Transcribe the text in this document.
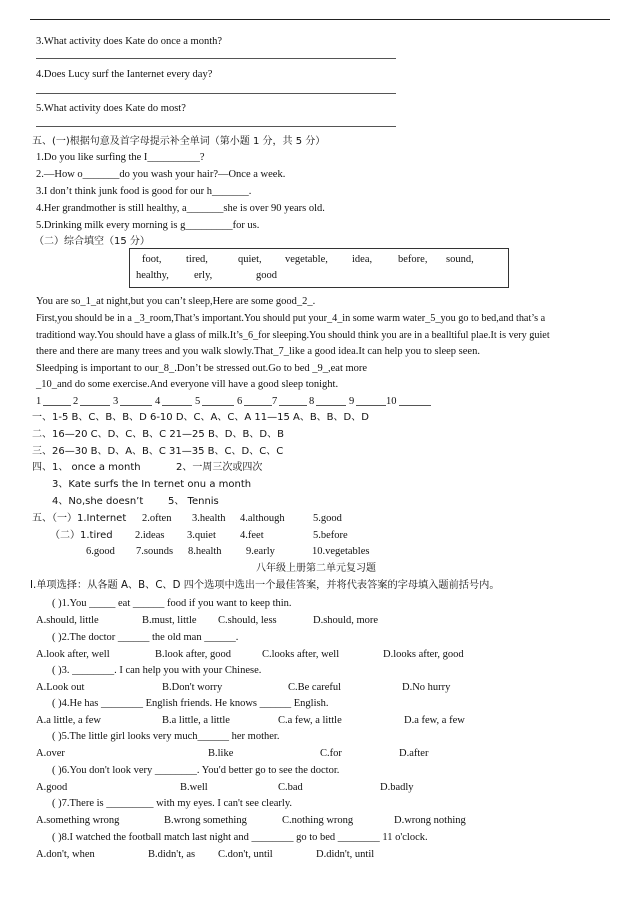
3.What activity does Kate do once a month?
4.Does Lucy surf the Ianternet every day?
5.What activity does Kate do most?
五、(一)根据句意及首字母提示补全单词（第小题 1 分，共 5 分）
1.Do you like surfing the I__________?
2.—How o_______do you wash your hair?—Once a week.
3.I don’t think junk food is good for our h_______.
4.Her grandmother is still healthy, a_______she is over 90 years old.
5.Drinking milk every morning is g_________for us.
（二）综合填空（15 分）
foot, tired,	quiet, vegetable, idea, before, sound,
healthy, erly,	good
You are so_1_at night,but you can’t sleep,Here are some good_2_.
First,you should be in a _3_room,That’s important.You should put your_4_in some warm water_5_you go to bed,and that’s a
traditiond way.You should have a glass of milk.It’s_6_for sleeping.You should think you are in a bealltiful plae.It is very guiet
there and there are many trees and you walk slowly.That_7_like a good idea.It can help you to sleep seen.
Sleedping is important to our_8_.Don’t be stressed out.Go to bed _9_,eat more
_10_and do some exercise.And everyone vill have a good sleep tonight.
1	2	3	4	5	6	7	8	9	10
一、1-5 B、C、B、B、D 6-10 D、C、A、C、A 11—15 A、B、B、D、D
二、16—20 C、D、C、B、C 21—25 B、D、B、D、B
三、26—30 B、D、A、B、C 31—35 B、C、D、C、C
四、1、 once a month	2、一周三次或四次
3、Kate surfs the In ternet onu a month
4、No,she doesn’t 5、 Tennis
五、（一）1.Internet 2.often 3.health 4.although	5.good
（二）1.tired 2.ideas 3.quiet 4.feet	5.before
6.good 7.sounds 8.health 9.early	10.vegetables
八年级上册第二单元复习题
Ⅰ.单项选择：从各题 A、B、C、D 四个选项中选出一个最佳答案，并将代表答案的字母填入题前括号内。
( )1.You _____ eat ______ food if you want to keep thin.
A.should, little	B.must, little C.should, less	D.should, more
( )2.The doctor ______ the old man ______.
A.look after, well	B.look after, good	C.looks after, well	D.looks after, good
( )3. ________. I can help you with your Chinese.
A.Look out	B.Don't worry	C.Be careful	D.No hurry
( )4.He has ________ English friends. He knows ______ English.
A.a little, a few	B.a little, a little	C.a few, a little	D.a few, a few
( )5.The little girl looks very much______ her mother.
A.over	B.like	C.for	D.after
( )6.You don't look very ________. You'd better go to see the doctor.
A.good	B.well	C.bad	D.badly
( )7.There is _________ with my eyes. I can't see clearly.
A.something wrong	B.wrong something	C.nothing wrong	D.wrong nothing
( )8.I watched the football match last night and ________ go to bed ________ 11 o'clock.
A.don't, when	B.didn't, as C.don't, until	D.didn't, until
